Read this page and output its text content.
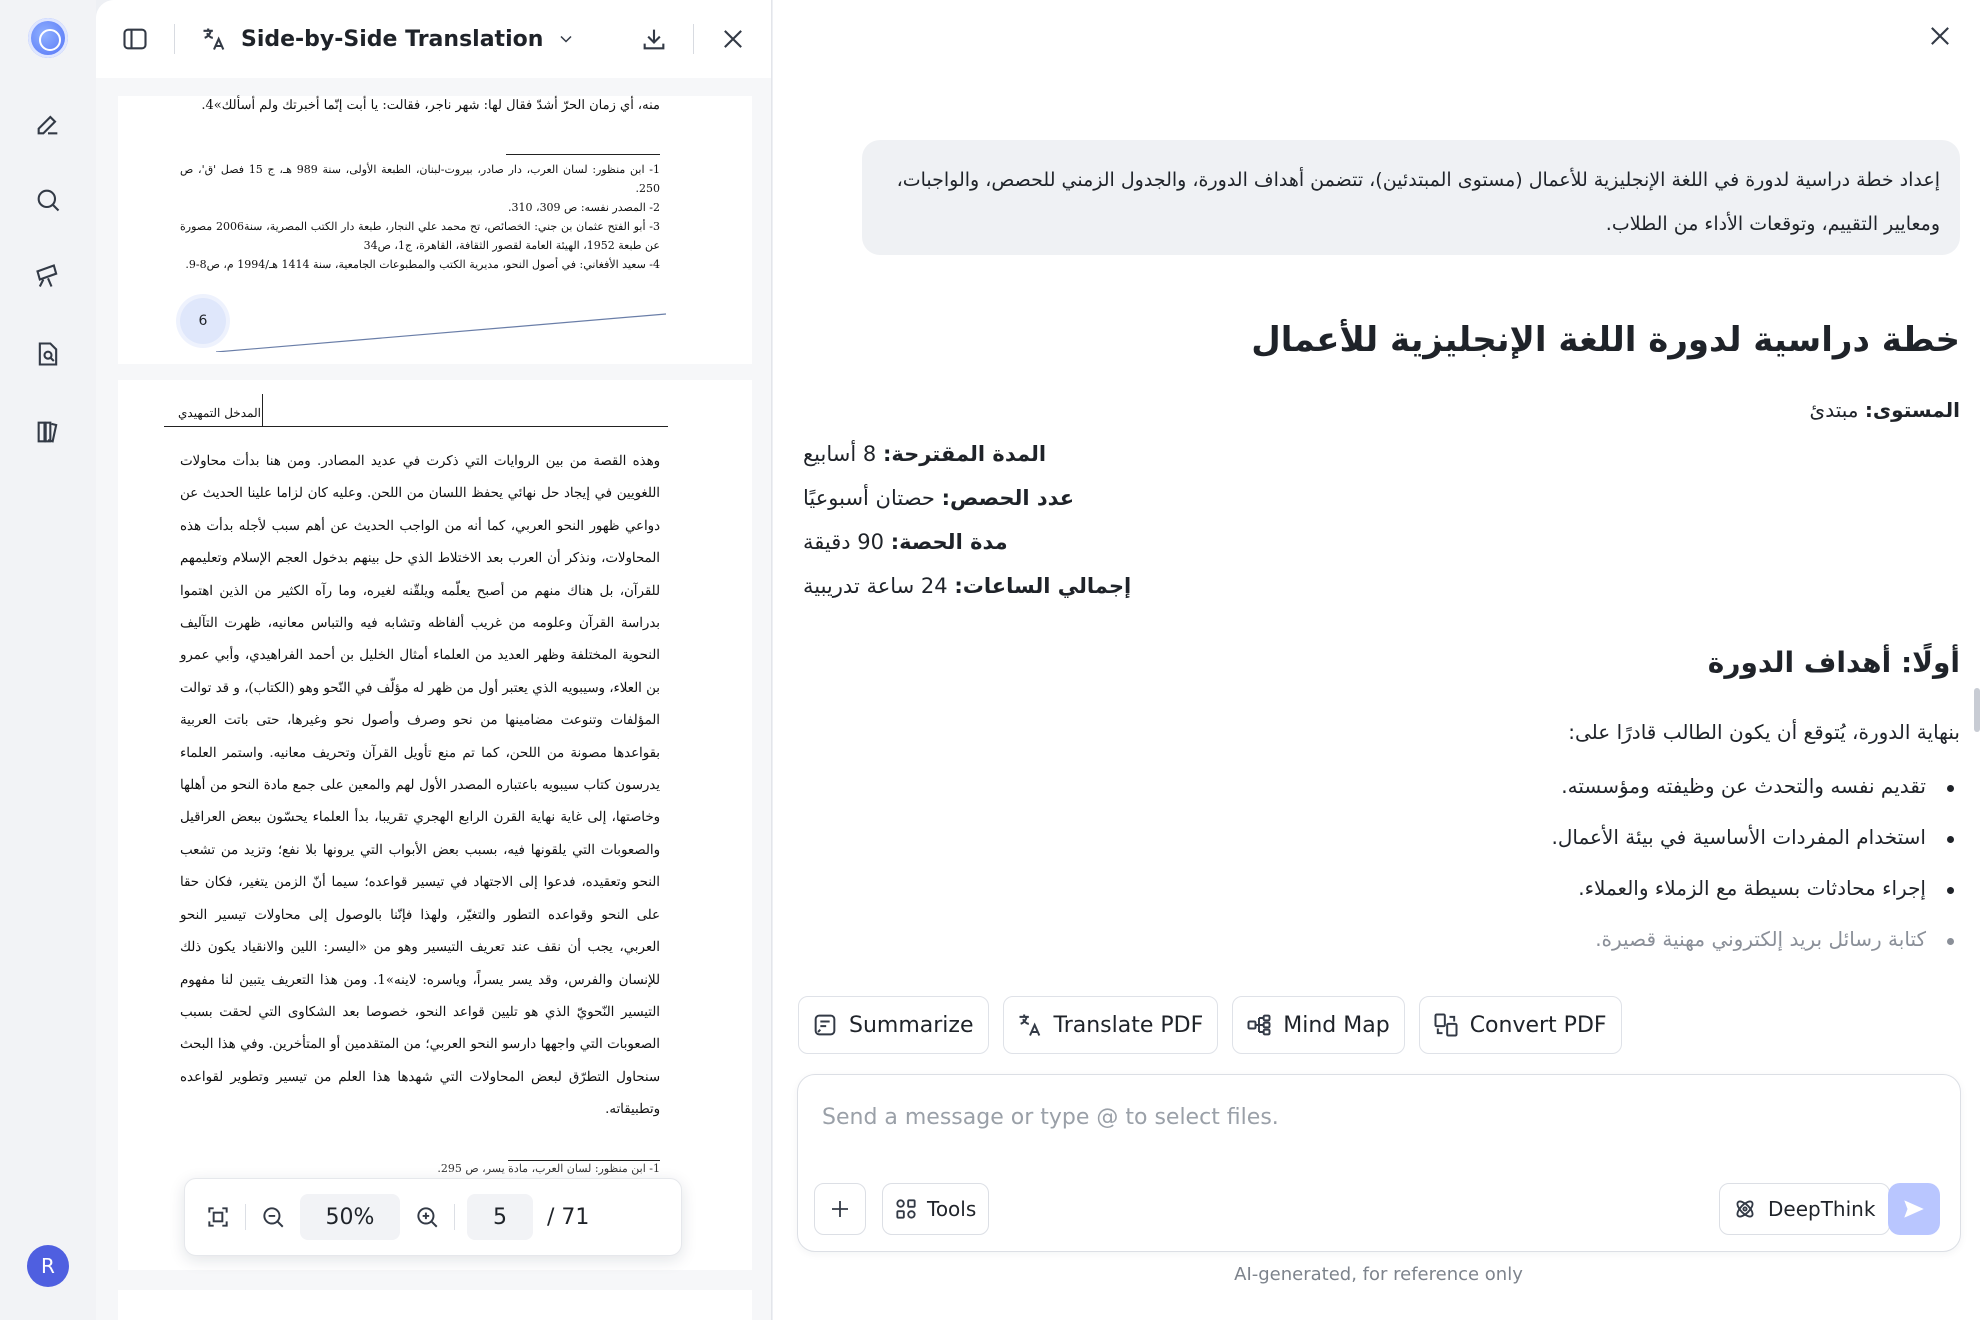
R
Side-by-Side Translation
منه، أي زمان الحرّ أشدّ فقال لها: شهر ناجر، فقالت: يا أبت إنّما أخبرتك ولم أسألك»4.
1- ابن منظور: لسان العرب، دار صادر، بيروت-لبنان، الطبعة الأولى، سنة 989 هـ، ج 15 فصل 'ق'، ص 250.
2- المصدر نفسه: ص 309، 310.
3- أبو الفتح عثمان بن جني: الخصائص، تح محمد علي النجار، طبعة دار الكتب المصرية، سنة2006 مصورة عن طبعة 1952، الهيئة العامة لقصور الثقافة، القاهرة، ج1، ص34
4- سعيد الأفغاني: في أصول النحو، مديرية الكتب والمطبوعات الجامعية، سنة 1414 هـ/1994 م، ص8-9.
6
المدخل التمهيدي
وهذه القصة من بين الروايات التي ذكرت في عديد المصادر. ومن هنا بدأت محاولات اللغويين في إيجاد حل نهائي يحفظ اللسان من اللحن. وعليه كان لزاما علينا الحديث عن دواعي ظهور النحو العربي، كما أنه من الواجب الحديث عن أهم سبب لأجله بدأت هذه المحاولات، ونذكر أن العرب بعد الاختلاط الذي حل بينهم بدخول العجم الإسلام وتعليمهم للقرآن، بل هناك منهم من أصبح يعلّمه ويلقّنه لغيره، وما رآه الكثير من الذين اهتموا بدراسة القرآن وعلومه من غريب ألفاظه وتشابه فيه والتباس معانيه، ظهرت التآليف النحوية المختلفة وظهر العديد من العلماء أمثال الخليل بن أحمد الفراهيدي، وأبي عمرو بن العلاء، وسيبويه الذي يعتبر أول من ظهر له مؤلّف في النّحو وهو (الكتاب)، و قد توالت المؤلفات وتنوعت مضامينها من نحو وصرف وأصول نحو وغيرها، حتى باتت العربية بقواعدها مصونة من اللحن، كما تم منع تأويل القرآن وتحريف معانيه. واستمر العلماء يدرسون كتاب سيبويه باعتباره المصدر الأول لهم والمعين على جمع مادة النحو من أهلها وخاصتها، إلى غاية نهاية القرن الرابع الهجري تقريبا، بدأ العلماء يحسّون ببعض العراقيل والصعوبات التي يلقونها فيه، بسبب بعض الأبواب التي يرونها بلا نفع؛ وتزيد من تشعب النحو وتعقيده، فدعوا إلى الاجتهاد في تيسير قواعده؛ سيما أنّ الزمن يتغير، فكان حقا على النحو وقواعده التطور والتغيّر، ولهذا فإنّنا بالوصول إلى محاولات تيسير النحو العربي، يجب أن نقف عند تعريف التيسير وهو من «اليسر: اللين والانقياد يكون ذلك للإنسان والفرس، وقد يسر يسراً، وياسره: لاينه»1. ومن هذا التعريف يتبين لنا مفهوم التيسير النّحويّ الذي هو تليين قواعد النحو، خصوصا بعد الشكاوى التي لحقت بسبب الصعوبات التي واجهها دارسو النحو العربي؛ من المتقدمين أو المتأخرين. وفي هذا البحث سنحاول التطرّق لبعض المحاولات التي شهدها هذا العلم من تيسير وتطوير لقواعده وتطبيقاته.
1- ابن منظور: لسان العرب، مادة يسر، ص 295.
50%	5	/ 71
إعداد خطة دراسية لدورة في اللغة الإنجليزية للأعمال (مستوى المبتدئين)، تتضمن أهداف الدورة، والجدول الزمني للحصص، والواجبات، ومعايير التقييم، وتوقعات الأداء من الطلاب.
خطة دراسية لدورة اللغة الإنجليزية للأعمال
المستوى: مبتدئ
المدة المقترحة: 8 أسابيع
عدد الحصص: حصتان أسبوعيًا
مدة الحصة: 90 دقيقة
إجمالي الساعات: 24 ساعة تدريبية
أولًا: أهداف الدورة
بنهاية الدورة، يُتوقع أن يكون الطالب قادرًا على:
تقديم نفسه والتحدث عن وظيفته ومؤسسته.
استخدام المفردات الأساسية في بيئة الأعمال.
إجراء محادثات بسيطة مع الزملاء والعملاء.
كتابة رسائل بريد إلكتروني مهنية قصيرة.
Summarize	Translate PDF	Mind Map	Convert PDF
Send a message or type @ to select files.
Tools	DeepThink
AI-generated, for reference only
